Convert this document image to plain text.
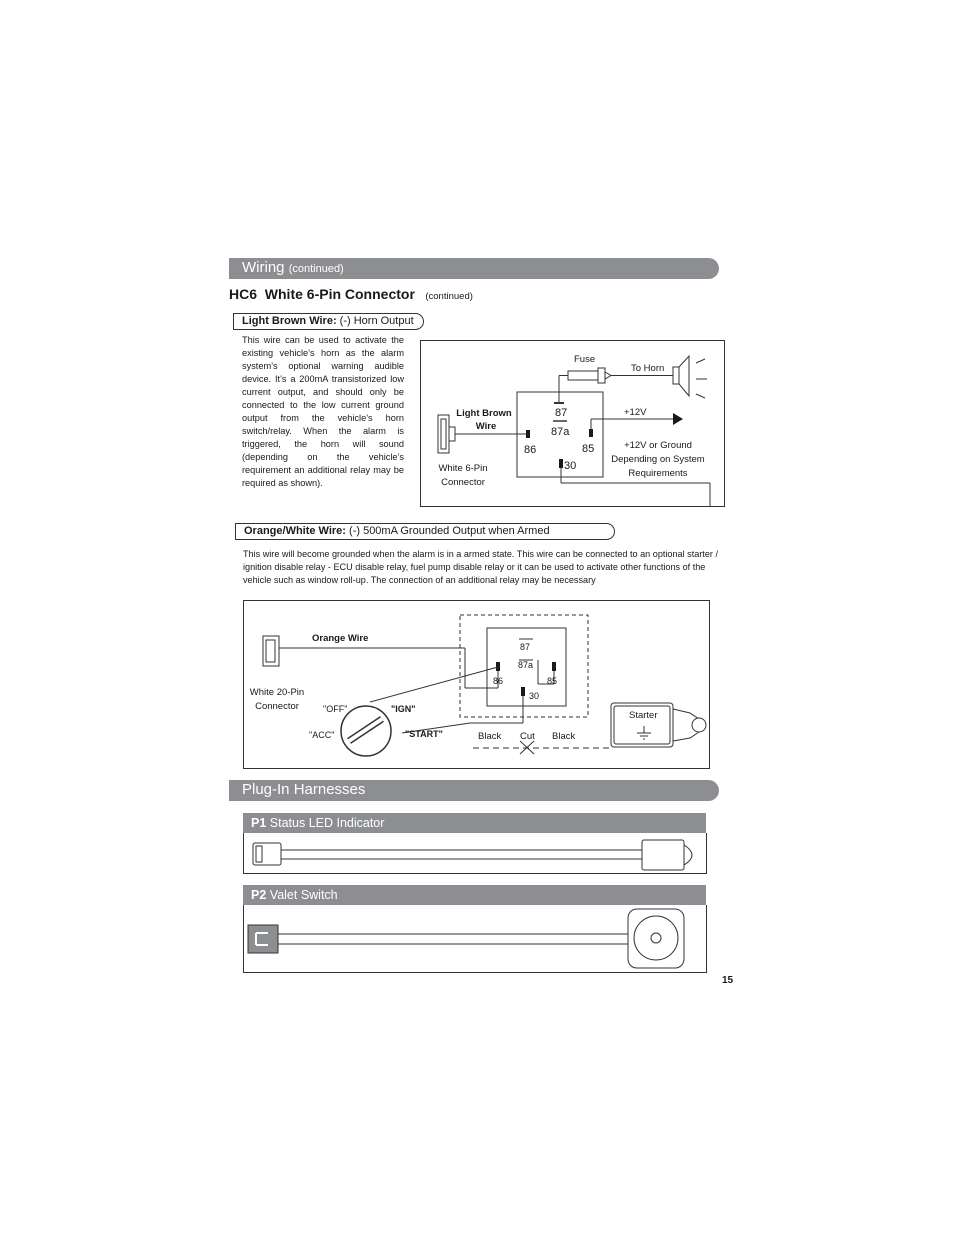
Wiring (continued)
HC6  White 6-Pin Connector (continued)
Light Brown Wire: (-) Horn Output
This wire can be used to activate the existing vehicle’s horn as the alarm system’s optional warning audible device. It’s a 200mA transistorized low current output, and should only be connected to the low current ground output from the vehicle’s horn switch/relay. When the alarm is triggered, the horn will sound (depending on the vehicle’s requirement an additional relay may be required as shown).
Fuse
To Horn
Light Brown
Wire
87
87a
86	85
30
+12V
+12V or Ground
Depending on System
Requirements
White 6-Pin
Connector
Orange/White Wire: (-) 500mA Grounded Output when Armed
This wire will become grounded when the alarm is in a armed state. This wire can be connected to an optional starter / ignition disable relay - ECU disable relay, fuel pump disable relay or it can be used to activate other functions of the vehicle such as window roll-up. The connection of an additional relay may be necessary
Orange Wire
White 20-Pin
Connector	"OFF"	"IGN"
"ACC"	"START"
87
87a
86	85
30
Black Cut Black
Starter
Plug-In Harnesses
P1 Status LED Indicator
P2 Valet Switch
15
